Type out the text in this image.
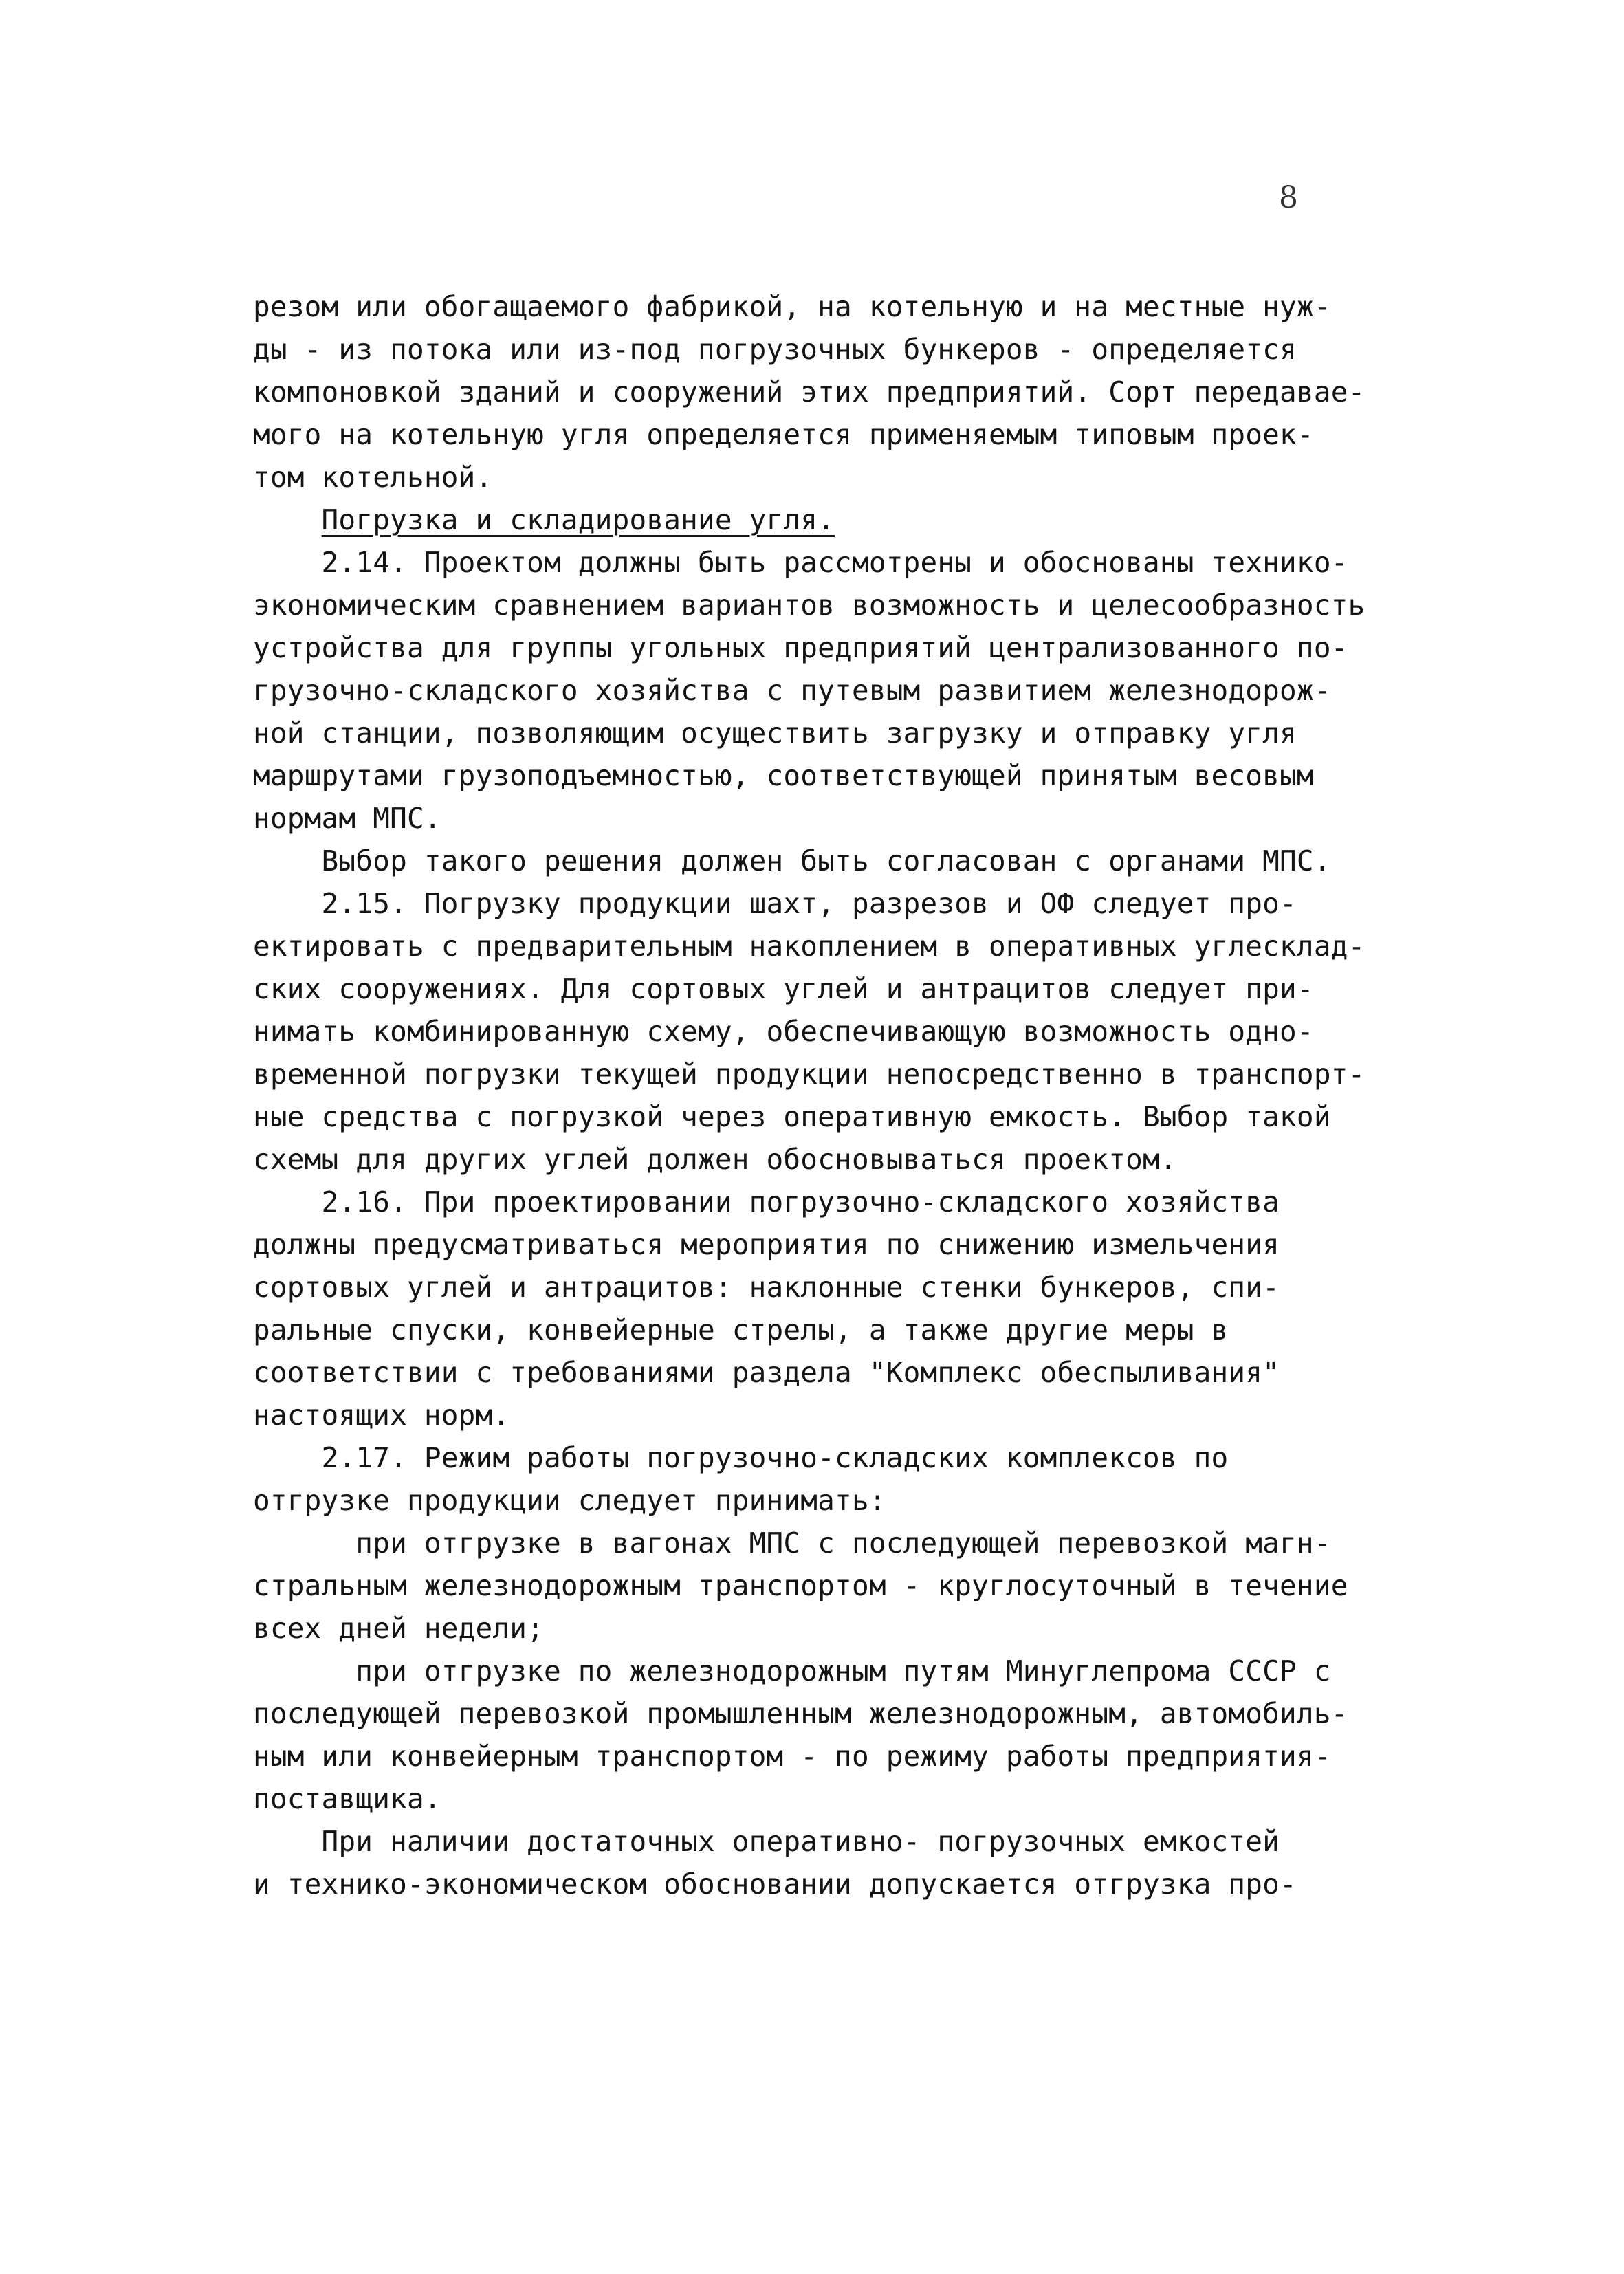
8
резом или обогащаемого фабрикой, на котельную и на местные нуж-
ды - из потока или из-под погрузочных бункеров - определяется
компоновкой зданий и сооружений этих предприятий. Сорт передавае-
мого на котельную угля определяется применяемым типовым проек-
том котельной.
Погрузка и складирование угля.
2.14. Проектом должны быть рассмотрены и обоснованы технико-
экономическим сравнением вариантов возможность и целесообразность
устройства для группы угольных предприятий централизованного по-
грузочно-складского хозяйства с путевым развитием железнодорож-
ной станции, позволяющим осуществить загрузку и отправку угля
маршрутами грузоподъемностью, соответствующей принятым весовым
нормам МПС.
Выбор такого решения должен быть согласован с органами МПС.
2.15. Погрузку продукции шахт, разрезов и ОФ следует про-
ектировать с предварительным накоплением в оперативных углесклад-
ских сооружениях. Для сортовых углей и антрацитов следует при-
нимать комбинированную схему, обеспечивающую возможность одно-
временной погрузки текущей продукции непосредственно в транспорт-
ные средства с погрузкой через оперативную емкость. Выбор такой
схемы для других углей должен обосновываться проектом.
2.16. При проектировании погрузочно-складского хозяйства
должны предусматриваться мероприятия по снижению измельчения
сортовых углей и антрацитов: наклонные стенки бункеров, спи-
ральные спуски, конвейерные стрелы, а также другие меры в
соответствии с требованиями раздела "Комплекс обеспыливания"
настоящих норм.
2.17. Режим работы погрузочно-складских комплексов по
отгрузке продукции следует принимать:
при отгрузке в вагонах МПС с последующей перевозкой магн-
стральным железнодорожным транспортом - круглосуточный в течение
всех дней недели;
при отгрузке по железнодорожным путям Минуглепрома СССР с
последующей перевозкой промышленным железнодорожным, автомобиль-
ным или конвейерным транспортом - по режиму работы предприятия-
поставщика.
При наличии достаточных оперативно- погрузочных емкостей
и технико-экономическом обосновании допускается отгрузка про-
